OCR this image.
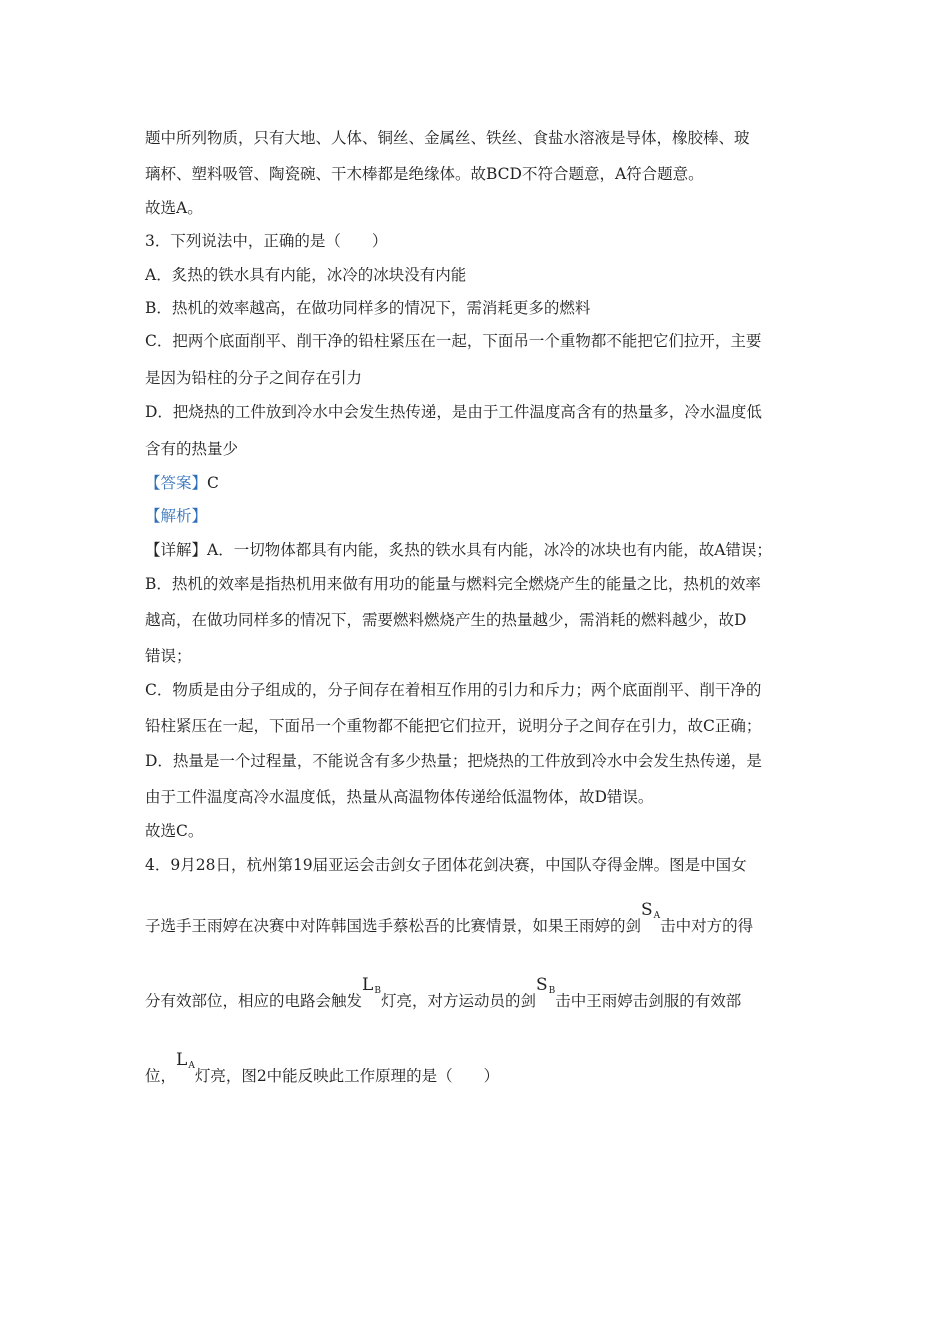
题中所列物质，只有大地、人体、铜丝、金属丝、铁丝、食盐水溶液是导体，橡胶棒、玻
璃杯、塑料吸管、陶瓷碗、干木棒都是绝缘体。故BCD不符合题意，A符合题意。
故选A。
3．下列说法中，正确的是（　　）
A．炙热的铁水具有内能，冰冷的冰块没有内能
B．热机的效率越高，在做功同样多的情况下，需消耗更多的燃料
C．把两个底面削平、削干净的铅柱紧压在一起，下面吊一个重物都不能把它们拉开，主要
是因为铅柱的分子之间存在引力
D．把烧热的工件放到冷水中会发生热传递，是由于工件温度高含有的热量多，冷水温度低
含有的热量少
【答案】C
【解析】
【详解】A．一切物体都具有内能，炙热的铁水具有内能，冰冷的冰块也有内能，故A错误；
B．热机的效率是指热机用来做有用功的能量与燃料完全燃烧产生的能量之比，热机的效率
越高，在做功同样多的情况下，需要燃料燃烧产生的热量越少，需消耗的燃料越少，故D
错误；
C．物质是由分子组成的，分子间存在着相互作用的引力和斥力；两个底面削平、削干净的
铅柱紧压在一起，下面吊一个重物都不能把它们拉开，说明分子之间存在引力，故C正确；
D．热量是一个过程量，不能说含有多少热量；把烧热的工件放到冷水中会发生热传递，是
由于工件温度高冷水温度低，热量从高温物体传递给低温物体，故D错误。
故选C。
4．9月28日，杭州第19届亚运会击剑女子团体花剑决赛，中国队夺得金牌。图是中国女
子选手王雨婷在决赛中对阵韩国选手蔡松吾的比赛情景，如果王雨婷的剑SA击中对方的得
分有效部位，相应的电路会触发LB灯亮，对方运动员的剑SB击中王雨婷击剑服的有效部
位，LA灯亮，图2中能反映此工作原理的是（　　）
